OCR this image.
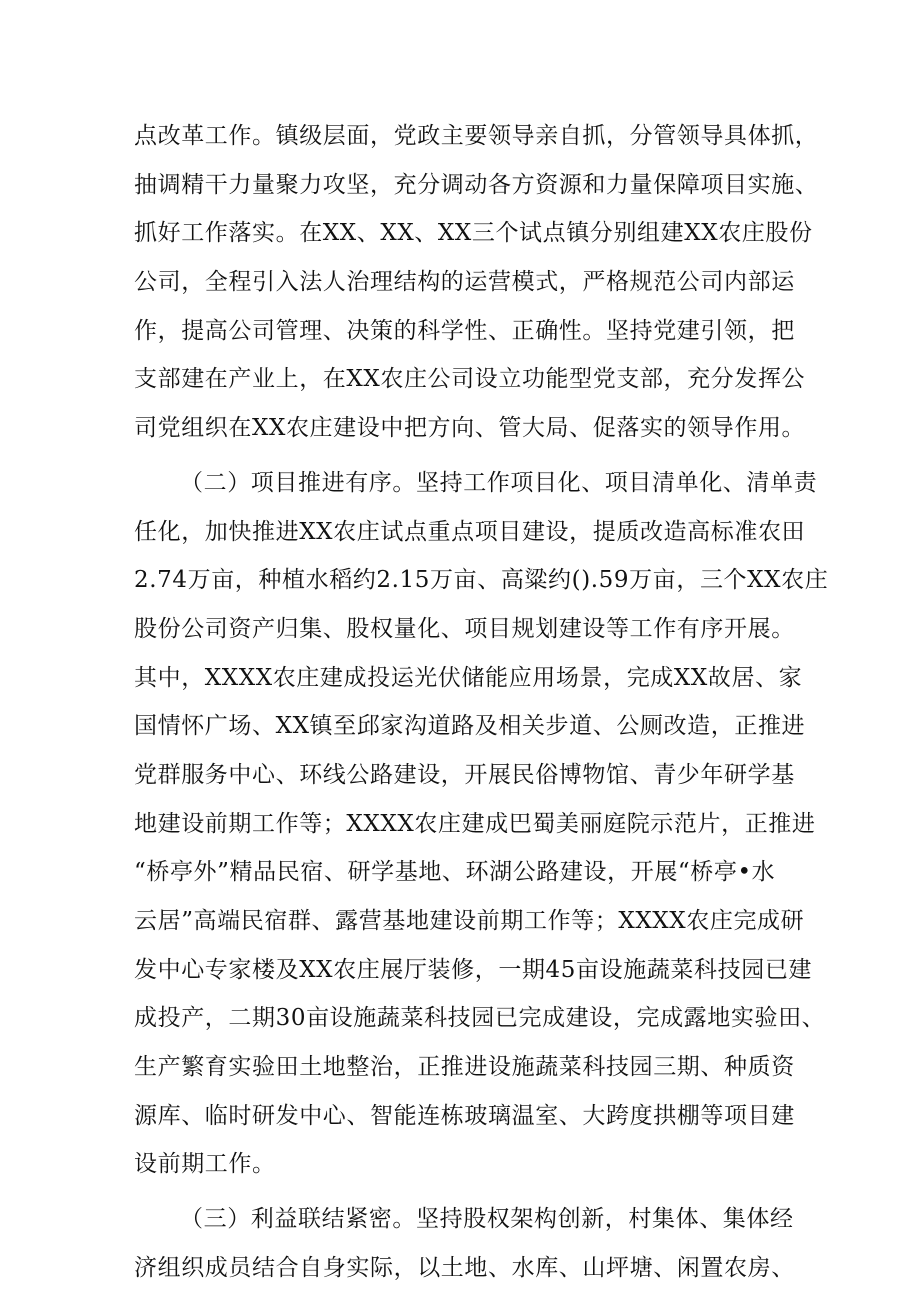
点改革工作。镇级层面，党政主要领导亲自抓，分管领导具体抓，
抽调精干力量聚力攻坚，充分调动各方资源和力量保障项目实施、
抓好工作落实。在XX、XX、XX三个试点镇分别组建XX农庄股份
公司，全程引入法人治理结构的运营模式，严格规范公司内部运
作，提高公司管理、决策的科学性、正确性。坚持党建引领，把
支部建在产业上，在XX农庄公司设立功能型党支部，充分发挥公
司党组织在XX农庄建设中把方向、管大局、促落实的领导作用。
（二）项目推进有序。坚持工作项目化、项目清单化、清单责
任化，加快推进XX农庄试点重点项目建设，提质改造高标准农田
2.74万亩，种植水稻约2.15万亩、高粱约().59万亩，三个XX农庄
股份公司资产归集、股权量化、项目规划建设等工作有序开展。
其中，XXXX农庄建成投运光伏储能应用场景，完成XX故居、家
国情怀广场、XX镇至邱家沟道路及相关步道、公厕改造，正推进
党群服务中心、环线公路建设，开展民俗博物馆、青少年研学基
地建设前期工作等；XXXX农庄建成巴蜀美丽庭院示范片，正推进
“桥亭外”精品民宿、研学基地、环湖公路建设，开展“桥亭•水
云居”高端民宿群、露营基地建设前期工作等；XXXX农庄完成研
发中心专家楼及XX农庄展厅装修，一期45亩设施蔬菜科技园已建
成投产，二期30亩设施蔬菜科技园已完成建设，完成露地实验田、
生产繁育实验田土地整治，正推进设施蔬菜科技园三期、种质资
源库、临时研发中心、智能连栋玻璃温室、大跨度拱棚等项目建
设前期工作。
（三）利益联结紧密。坚持股权架构创新，村集体、集体经
济组织成员结合自身实际，以土地、水库、山坪塘、闲置农房、
